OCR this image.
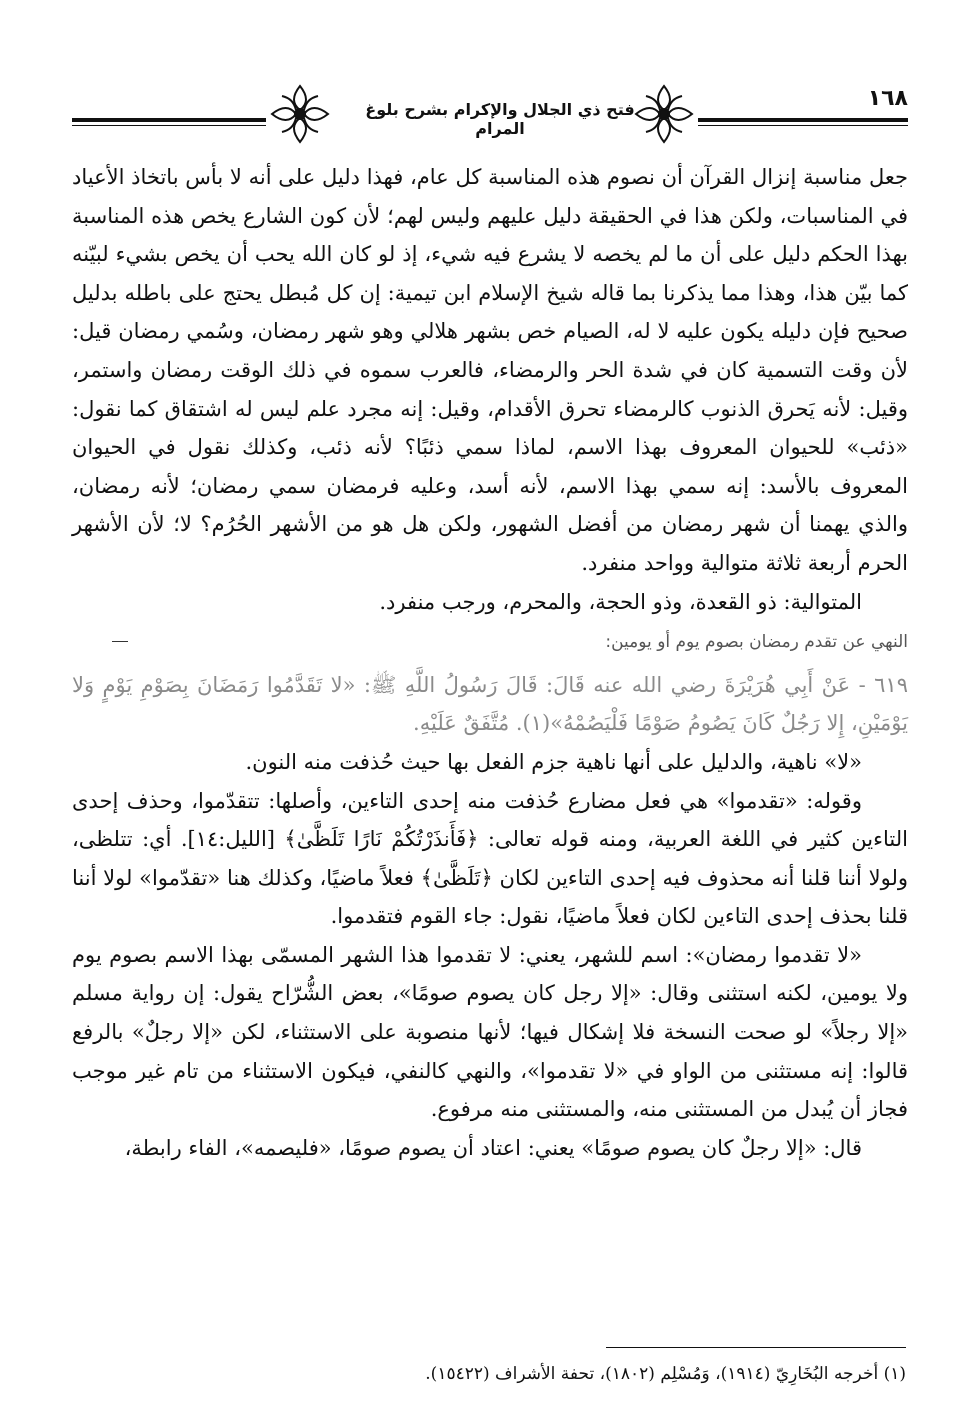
١٦٨
فتح ذي الجلال والإكرام بشرح بلوغ المرام

جعل مناسبة إنزال القرآن أن نصوم هذه المناسبة كل عام، فهذا دليل على أنه لا بأس باتخاذ الأعياد في المناسبات، ولكن هذا في الحقيقة دليل عليهم وليس لهم؛ لأن كون الشارع يخص هذه المناسبة بهذا الحكم دليل على أن ما لم يخصه لا يشرع فيه شيء، إذ لو كان الله يحب أن يخص بشيء لبيّنه كما بيّن هذا، وهذا مما يذكرنا بما قاله شيخ الإسلام ابن تيمية: إن كل مُبطل يحتج على باطله بدليل صحيح فإن دليله يكون عليه لا له، الصيام خص بشهر هلالي وهو شهر رمضان، وسُمي رمضان قيل: لأن وقت التسمية كان في شدة الحر والرمضاء، فالعرب سموه في ذلك الوقت رمضان واستمر، وقيل: لأنه يَحرق الذنوب كالرمضاء تحرق الأقدام، وقيل: إنه مجرد علم ليس له اشتقاق كما نقول: «ذئب» للحيوان المعروف بهذا الاسم، لماذا سمي ذئبًا؟ لأنه ذئب، وكذلك نقول في الحيوان المعروف بالأسد: إنه سمي بهذا الاسم، لأنه أسد، وعليه فرمضان سمي رمضان؛ لأنه رمضان، والذي يهمنا أن شهر رمضان من أفضل الشهور، ولكن هل هو من الأشهر الحُرُم؟ لا؛ لأن الأشهر الحرم أربعة ثلاثة متوالية وواحد منفرد.

المتوالية: ذو القعدة، وذو الحجة، والمحرم، ورجب منفرد.

النهي عن تقدم رمضان بصوم يوم أو يومين:

٦١٩ - عَنْ أَبِي هُرَيْرَةَ رضي الله عنه قَالَ: قَالَ رَسُولُ اللَّهِ ﷺ: «لا تَقَدَّمُوا رَمَضَانَ بِصَوْمِ يَوْمٍ وَلا يَوْمَيْنِ، إِلا رَجُلٌ كَانَ يَصُومُ صَوْمًا فَلْيَصُمْهُ»(١). مُتَّفَقٌ عَلَيْهِ.

«لا» ناهية، والدليل على أنها ناهية جزم الفعل بها حيث حُذفت منه النون.

وقوله: «تقدموا» هي فعل مضارع حُذفت منه إحدى التاءين، وأصلها: تتقدّموا، وحذف إحدى التاءين كثير في اللغة العربية، ومنه قوله تعالى: ﴿فَأَنذَرْتُكُمْ نَارًا تَلَظَّىٰ﴾ [الليل:١٤]. أي: تتلظى، ولولا أننا قلنا أنه محذوف فيه إحدى التاءين لكان ﴿تَلَظَّىٰ﴾ فعلاً ماضيًا، وكذلك هنا «تقدّموا» لولا أننا قلنا بحذف إحدى التاءين لكان فعلاً ماضيًا، نقول: جاء القوم فتقدموا.

«لا تقدموا رمضان»: اسم للشهر، يعني: لا تقدموا هذا الشهر المسمّى بهذا الاسم بصوم يوم ولا يومين، لكنه استثنى وقال: «إلا رجل كان يصوم صومًا»، بعض الشُّرّاح يقول: إن رواية مسلم «إلا رجلاً» لو صحت النسخة فلا إشكال فيها؛ لأنها منصوبة على الاستثناء، لكن «إلا رجلٌ» بالرفع قالوا: إنه مستثنى من الواو في «لا تقدموا»، والنهي كالنفي، فيكون الاستثناء من تام غير موجب فجاز أن يُبدل من المستثنى منه، والمستثنى منه مرفوع.

قال: «إلا رجلٌ كان يصوم صومًا» يعني: اعتاد أن يصوم صومًا، «فليصمه»، الفاء رابطة،

(١) أخرجه البُخَارِيّ (١٩١٤)، وَمُسْلِم (١٨٠٢)، تحفة الأشراف (١٥٤٢٢).
